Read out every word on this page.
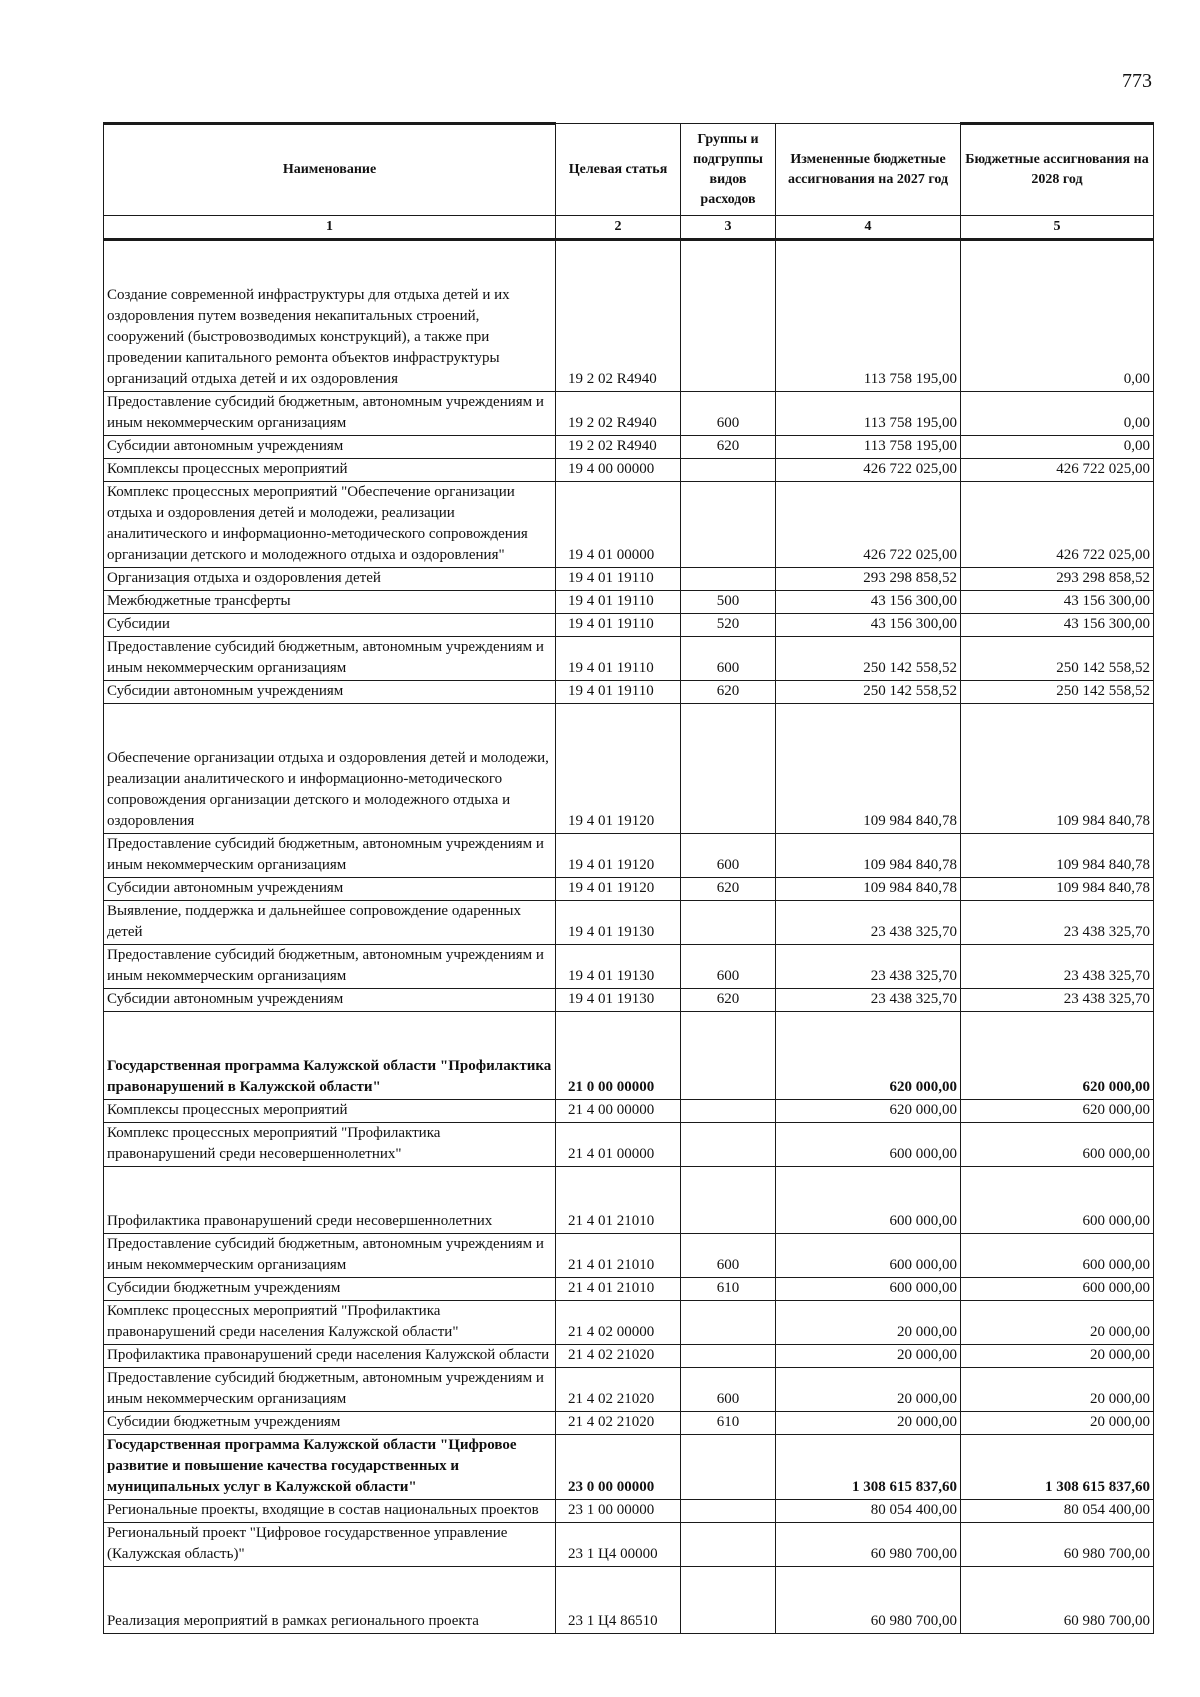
773
Наименование	Целевая статья	Группы и подгруппы видов расходов	Измененные бюджетные ассигнования на 2027 год	Бюджетные ассигнования на 2028 год
1	2	3	4	5
Создание современной инфраструктуры для отдыха детей и их оздоровления путем возведения некапитальных строений, сооружений (быстровозводимых конструкций), а также при проведении капитального ремонта объектов инфраструктуры организаций отдыха детей и их оздоровления	19 2 02 R4940		113 758 195,00	0,00
Предоставление субсидий бюджетным, автономным учреждениям и иным некоммерческим организациям	19 2 02 R4940	600	113 758 195,00	0,00
Субсидии автономным учреждениям	19 2 02 R4940	620	113 758 195,00	0,00
Комплексы процессных мероприятий	19 4 00 00000		426 722 025,00	426 722 025,00
Комплекс процессных мероприятий "Обеспечение организации отдыха и оздоровления детей и молодежи, реализации аналитического и информационно-методического сопровождения организации детского и молодежного отдыха и оздоровления"	19 4 01 00000		426 722 025,00	426 722 025,00
Организация отдыха и оздоровления детей	19 4 01 19110		293 298 858,52	293 298 858,52
Межбюджетные трансферты	19 4 01 19110	500	43 156 300,00	43 156 300,00
Субсидии	19 4 01 19110	520	43 156 300,00	43 156 300,00
Предоставление субсидий бюджетным, автономным учреждениям и иным некоммерческим организациям	19 4 01 19110	600	250 142 558,52	250 142 558,52
Субсидии автономным учреждениям	19 4 01 19110	620	250 142 558,52	250 142 558,52
Обеспечение организации отдыха и оздоровления детей и молодежи, реализации аналитического и информационно-методического сопровождения организации детского и молодежного отдыха и оздоровления	19 4 01 19120		109 984 840,78	109 984 840,78
Предоставление субсидий бюджетным, автономным учреждениям и иным некоммерческим организациям	19 4 01 19120	600	109 984 840,78	109 984 840,78
Субсидии автономным учреждениям	19 4 01 19120	620	109 984 840,78	109 984 840,78
Выявление, поддержка и дальнейшее сопровождение одаренных детей	19 4 01 19130		23 438 325,70	23 438 325,70
Предоставление субсидий бюджетным, автономным учреждениям и иным некоммерческим организациям	19 4 01 19130	600	23 438 325,70	23 438 325,70
Субсидии автономным учреждениям	19 4 01 19130	620	23 438 325,70	23 438 325,70
Государственная программа Калужской области "Профилактика правонарушений в Калужской области"	21 0 00 00000		620 000,00	620 000,00
Комплексы процессных мероприятий	21 4 00 00000		620 000,00	620 000,00
Комплекс процессных мероприятий "Профилактика правонарушений среди несовершеннолетних"	21 4 01 00000		600 000,00	600 000,00
Профилактика правонарушений среди несовершеннолетних	21 4 01 21010		600 000,00	600 000,00
Предоставление субсидий бюджетным, автономным учреждениям и иным некоммерческим организациям	21 4 01 21010	600	600 000,00	600 000,00
Субсидии бюджетным учреждениям	21 4 01 21010	610	600 000,00	600 000,00
Комплекс процессных мероприятий "Профилактика правонарушений среди населения Калужской области"	21 4 02 00000		20 000,00	20 000,00
Профилактика правонарушений среди населения Калужской области	21 4 02 21020		20 000,00	20 000,00
Предоставление субсидий бюджетным, автономным учреждениям и иным некоммерческим организациям	21 4 02 21020	600	20 000,00	20 000,00
Субсидии бюджетным учреждениям	21 4 02 21020	610	20 000,00	20 000,00
Государственная программа Калужской области "Цифровое развитие и повышение качества государственных и муниципальных услуг в Калужской области"	23 0 00 00000		1 308 615 837,60	1 308 615 837,60
Региональные проекты, входящие в состав национальных проектов	23 1 00 00000		80 054 400,00	80 054 400,00
Региональный проект "Цифровое государственное управление (Калужская область)"	23 1 Ц4 00000		60 980 700,00	60 980 700,00
Реализация мероприятий в рамках регионального проекта	23 1 Ц4 86510		60 980 700,00	60 980 700,00
